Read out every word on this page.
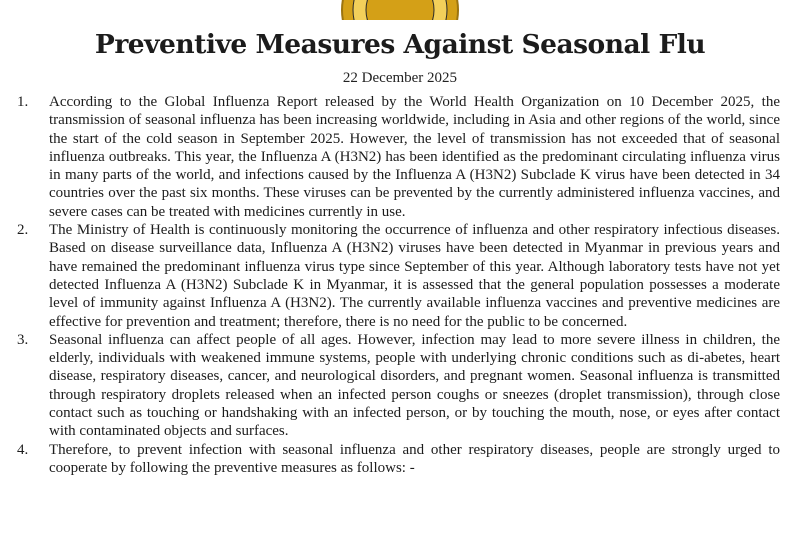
Preventive Measures Against Seasonal Flu
22 December 2025
1. According to the Global Influenza Report released by the World Health Organization on 10 December 2025, the transmission of seasonal influenza has been increasing worldwide, including in Asia and other regions of the world, since the start of the cold season in September 2025. However, the level of transmission has not exceeded that of seasonal influenza outbreaks. This year, the Influenza A (H3N2) has been identified as the predominant circulating influenza virus in many parts of the world, and infections caused by the Influenza A (H3N2) Subclade K virus have been detected in 34 countries over the past six months. These viruses can be prevented by the currently administered influenza vaccines, and severe cases can be treated with medicines currently in use.
2. The Ministry of Health is continuously monitoring the occurrence of influenza and other respiratory infectious diseases. Based on disease surveillance data, Influenza A (H3N2) viruses have been detected in Myanmar in previous years and have remained the predominant influenza virus type since September of this year. Although laboratory tests have not yet detected Influenza A (H3N2) Subclade K in Myanmar, it is assessed that the general population possesses a moderate level of immunity against Influenza A (H3N2). The currently available influenza vaccines and preventive medicines are effective for prevention and treatment; therefore, there is no need for the public to be concerned.
3. Seasonal influenza can affect people of all ages. However, infection may lead to more severe illness in children, the elderly, individuals with weakened immune systems, people with underlying chronic conditions such as di-abetes, heart disease, respiratory diseases, cancer, and neurological disorders, and pregnant women. Seasonal influenza is transmitted through respiratory droplets released when an infected person coughs or sneezes (droplet transmission), through close contact such as touching or handshaking with an infected person, or by touching the mouth, nose, or eyes after contact with contaminated objects and surfaces.
4. Therefore, to prevent infection with seasonal influenza and other respiratory diseases, people are strongly urged to cooperate by following the preventive measures as follows: -
